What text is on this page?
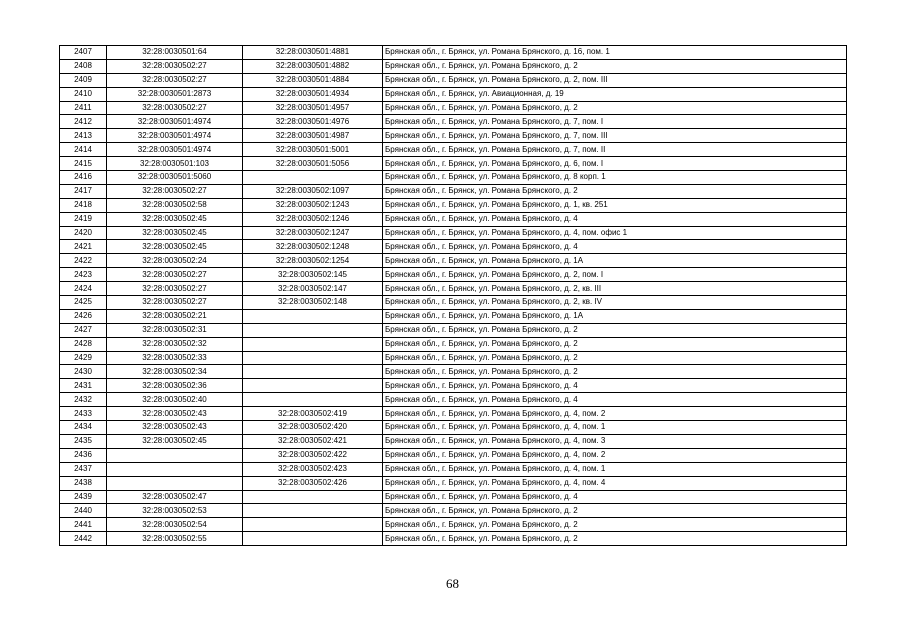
2407	32:28:0030501:64	32:28:0030501:4881	Брянская обл., г. Брянск, ул. Романа Брянского, д. 16, пом. 1
2408	32:28:0030502:27	32:28:0030501:4882	Брянская обл., г. Брянск, ул. Романа Брянского, д. 2
2409	32:28:0030502:27	32:28:0030501:4884	Брянская обл., г. Брянск, ул. Романа Брянского, д. 2, пом. III
2410	32:28:0030501:2873	32:28:0030501:4934	Брянская обл., г. Брянск, ул. Авиационная, д. 19
2411	32:28:0030502:27	32:28:0030501:4957	Брянская обл., г. Брянск, ул. Романа Брянского, д. 2
2412	32:28:0030501:4974	32:28:0030501:4976	Брянская обл., г. Брянск, ул. Романа Брянского, д. 7, пом. I
2413	32:28:0030501:4974	32:28:0030501:4987	Брянская обл., г. Брянск, ул. Романа Брянского, д. 7, пом. III
2414	32:28:0030501:4974	32:28:0030501:5001	Брянская обл., г. Брянск, ул. Романа Брянского, д. 7, пом. II
2415	32:28:0030501:103	32:28:0030501:5056	Брянская обл., г. Брянск, ул. Романа Брянского, д. 6, пом. I
2416	32:28:0030501:5060		Брянская обл., г. Брянск, ул. Романа Брянского, д. 8 корп. 1
2417	32:28:0030502:27	32:28:0030502:1097	Брянская обл., г. Брянск, ул. Романа Брянского, д. 2
2418	32:28:0030502:58	32:28:0030502:1243	Брянская обл., г. Брянск, ул. Романа Брянского, д. 1, кв. 251
2419	32:28:0030502:45	32:28:0030502:1246	Брянская обл., г. Брянск, ул. Романа Брянского, д. 4
2420	32:28:0030502:45	32:28:0030502:1247	Брянская обл., г. Брянск, ул. Романа Брянского, д. 4, пом. офис 1
2421	32:28:0030502:45	32:28:0030502:1248	Брянская обл., г. Брянск, ул. Романа Брянского, д. 4
2422	32:28:0030502:24	32:28:0030502:1254	Брянская обл., г. Брянск, ул. Романа Брянского, д. 1А
2423	32:28:0030502:27	32:28:0030502:145	Брянская обл., г. Брянск, ул. Романа Брянского, д. 2, пом. I
2424	32:28:0030502:27	32:28:0030502:147	Брянская обл., г. Брянск, ул. Романа Брянского, д. 2, кв. III
2425	32:28:0030502:27	32:28:0030502:148	Брянская обл., г. Брянск, ул. Романа Брянского, д. 2, кв. IV
2426	32:28:0030502:21		Брянская обл., г. Брянск, ул. Романа Брянского, д. 1А
2427	32:28:0030502:31		Брянская обл., г. Брянск, ул. Романа Брянского, д. 2
2428	32:28:0030502:32		Брянская обл., г. Брянск, ул. Романа Брянского, д. 2
2429	32:28:0030502:33		Брянская обл., г. Брянск, ул. Романа Брянского, д. 2
2430	32:28:0030502:34		Брянская обл., г. Брянск, ул. Романа Брянского, д. 2
2431	32:28:0030502:36		Брянская обл., г. Брянск, ул. Романа Брянского, д. 4
2432	32:28:0030502:40		Брянская обл., г. Брянск, ул. Романа Брянского, д. 4
2433	32:28:0030502:43	32:28:0030502:419	Брянская обл., г. Брянск, ул. Романа Брянского, д. 4, пом. 2
2434	32:28:0030502:43	32:28:0030502:420	Брянская обл., г. Брянск, ул. Романа Брянского, д. 4, пом. 1
2435	32:28:0030502:45	32:28:0030502:421	Брянская обл., г. Брянск, ул. Романа Брянского, д. 4, пом. 3
2436		32:28:0030502:422	Брянская обл., г. Брянск, ул. Романа Брянского, д. 4, пом. 2
2437		32:28:0030502:423	Брянская обл., г. Брянск, ул. Романа Брянского, д. 4, пом. 1
2438		32:28:0030502:426	Брянская обл., г. Брянск, ул. Романа Брянского, д. 4, пом. 4
2439	32:28:0030502:47		Брянская обл., г. Брянск, ул. Романа Брянского, д. 4
2440	32:28:0030502:53		Брянская обл., г. Брянск, ул. Романа Брянского, д. 2
2441	32:28:0030502:54		Брянская обл., г. Брянск, ул. Романа Брянского, д. 2
2442	32:28:0030502:55		Брянская обл., г. Брянск, ул. Романа Брянского, д. 2
68
